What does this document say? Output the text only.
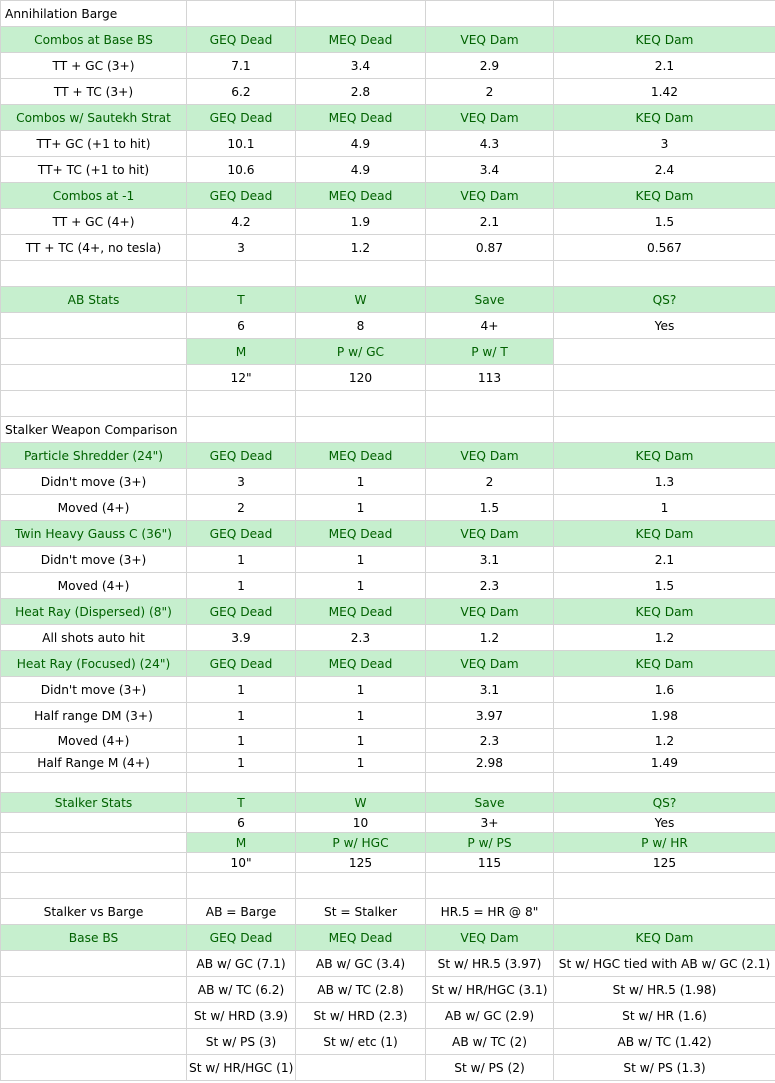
Annihilation Barge				
Combos at Base BS	GEQ Dead	MEQ Dead	VEQ Dam	KEQ Dam
TT + GC (3+)	7.1	3.4	2.9	2.1
TT + TC (3+)	6.2	2.8	2	1.42
Combos w/ Sautekh Strat	GEQ Dead	MEQ Dead	VEQ Dam	KEQ Dam
TT+ GC (+1 to hit)	10.1	4.9	4.3	3
TT+ TC (+1 to hit)	10.6	4.9	3.4	2.4
Combos at -1	GEQ Dead	MEQ Dead	VEQ Dam	KEQ Dam
TT + GC (4+)	4.2	1.9	2.1	1.5
TT + TC (4+, no tesla)	3	1.2	0.87	0.567

AB Stats	T	W	Save	QS?
	6	8	4+	Yes
	M	P w/ GC	P w/ T	
	12"	120	113	

Stalker Weapon Comparison				
Particle Shredder (24")	GEQ Dead	MEQ Dead	VEQ Dam	KEQ Dam
Didn't move (3+)	3	1	2	1.3
Moved (4+)	2	1	1.5	1
Twin Heavy Gauss C (36")	GEQ Dead	MEQ Dead	VEQ Dam	KEQ Dam
Didn't move (3+)	1	1	3.1	2.1
Moved (4+)	1	1	2.3	1.5
Heat Ray (Dispersed) (8")	GEQ Dead	MEQ Dead	VEQ Dam	KEQ Dam
All shots auto hit	3.9	2.3	1.2	1.2
Heat Ray (Focused) (24")	GEQ Dead	MEQ Dead	VEQ Dam	KEQ Dam
Didn't move (3+)	1	1	3.1	1.6
Half range DM (3+)	1	1	3.97	1.98
Moved (4+)	1	1	2.3	1.2
Half Range M (4+)	1	1	2.98	1.49

Stalker Stats	T	W	Save	QS?
	6	10	3+	Yes
	M	P w/ HGC	P w/ PS	P w/ HR
	10"	125	115	125

Stalker vs Barge	AB = Barge	St = Stalker	HR.5 = HR @ 8"	
Base BS	GEQ Dead	MEQ Dead	VEQ Dam	KEQ Dam
	AB w/ GC (7.1)	AB w/ GC (3.4)	St w/ HR.5 (3.97)	St w/ HGC tied with AB w/ GC (2.1)
	AB w/ TC (6.2)	AB w/ TC (2.8)	St w/ HR/HGC (3.1)	St w/ HR.5 (1.98)
	St w/ HRD (3.9)	St w/ HRD (2.3)	AB w/ GC (2.9)	St w/ HR (1.6)
	St w/ PS (3)	St w/ etc (1)	AB w/ TC (2)	AB w/ TC (1.42)
	St w/ HR/HGC (1)		St w/ PS (2)	St w/ PS (1.3)
